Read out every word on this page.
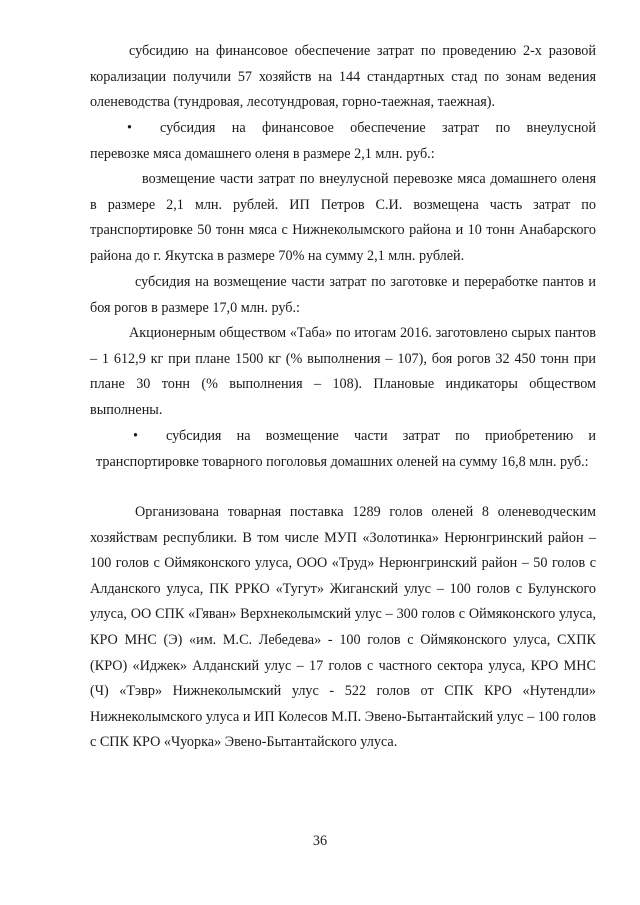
субсидию на финансовое обеспечение затрат по проведению 2-х разовой корализации получили 57 хозяйств на 144 стандартных стад по зонам ведения оленеводства (тундровая, лесотундровая, горно-таежная, таежная).
•	субсидия на финансовое обеспечение затрат по внеулусной
перевозке мяса домашнего оленя в размере 2,1 млн. руб.:
возмещение части затрат по внеулусной перевозке мяса домашнего оленя в размере 2,1 млн. рублей. ИП Петров С.И. возмещена часть затрат по транспортировке 50 тонн мяса с Нижнеколымского района и 10 тонн Анабарского района до г. Якутска в размере 70% на сумму 2,1 млн. рублей.
субсидия на возмещение части затрат по заготовке и переработке пантов и боя рогов в размере 17,0 млн. руб.:
Акционерным обществом «Таба» по итогам 2016. заготовлено сырых пантов – 1 612,9 кг при плане 1500 кг (% выполнения – 107), боя рогов 32 450 тонн при плане 30 тонн (% выполнения – 108). Плановые индикаторы обществом выполнены.
•	субсидия на возмещение части затрат по приобретению и
транспортировке товарного поголовья домашних оленей на сумму 16,8 млн. руб.:
Организована товарная поставка 1289 голов оленей 8 оленеводческим хозяйствам республики. В том числе МУП «Золотинка» Нерюнгринский район – 100 голов с Оймяконского улуса, ООО «Труд» Нерюнгринский район – 50 голов с Алданского улуса, ПК РРКО «Тугут» Жиганский улус – 100 голов с Булунского улуса, ОО СПК «Гяван» Верхнеколымский улус – 300 голов с Оймяконского улуса, КРО МНС (Э) «им. М.С. Лебедева» - 100 голов с Оймяконского улуса, СХПК (КРО) «Иджек» Алданский улус – 17 голов с частного сектора улуса, КРО МНС (Ч) «Тэвр» Нижнеколымский улус - 522 голов от СПК КРО «Нутендли» Нижнеколымского улуса и ИП Колесов М.П. Эвено-Бытантайский улус – 100 голов с СПК КРО «Чуорка» Эвено-Бытантайского улуса.
36
